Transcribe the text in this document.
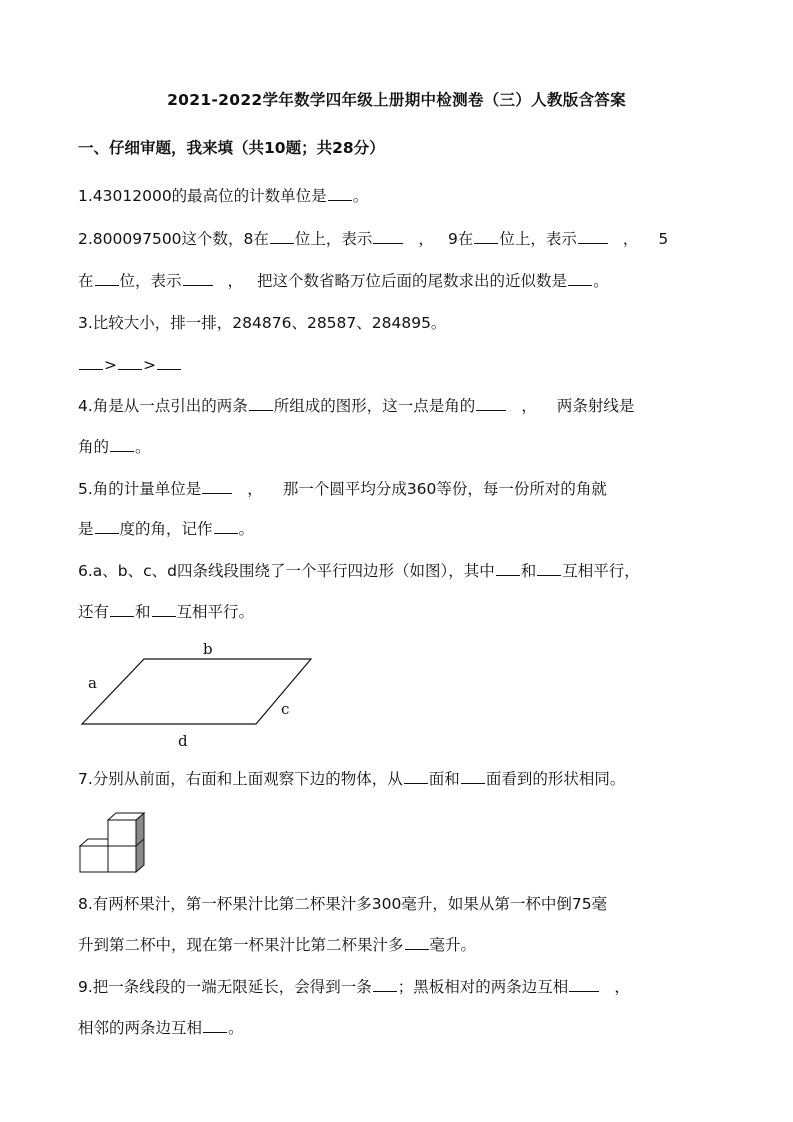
2021-2022学年数学四年级上册期中检测卷（三）人教版含答案
一、仔细审题，我来填（共10题；共28分）
1.43012000的最高位的计数单位是 。
2.800097500这个数，8在 位上，表示	， 9在 位上，表示	， 5
在 位，表示	， 把这个数省略万位后面的尾数求出的近似数是 。
3.比较大小，排一排，284876、28587、284895。
> >
4.角是从一点引出的两条 所组成的图形，这一点是角的	， 两条射线是
角的 。
5.角的计量单位是	， 那一个圆平均分成360等份，每一份所对的角就
是 度的角，记作 。
6.a、b、c、d四条线段围绕了一个平行四边形（如图），其中 和 互相平行，
还有 和 互相平行。
b
a
c
d
7.分别从前面，右面和上面观察下边的物体，从 面和 面看到的形状相同。
8.有两杯果汁，第一杯果汁比第二杯果汁多300毫升，如果从第一杯中倒75毫
升到第二杯中，现在第一杯果汁比第二杯果汁多 毫升。
9.把一条线段的一端无限延长，会得到一条 ；黑板相对的两条边互相	，
相邻的两条边互相 。
